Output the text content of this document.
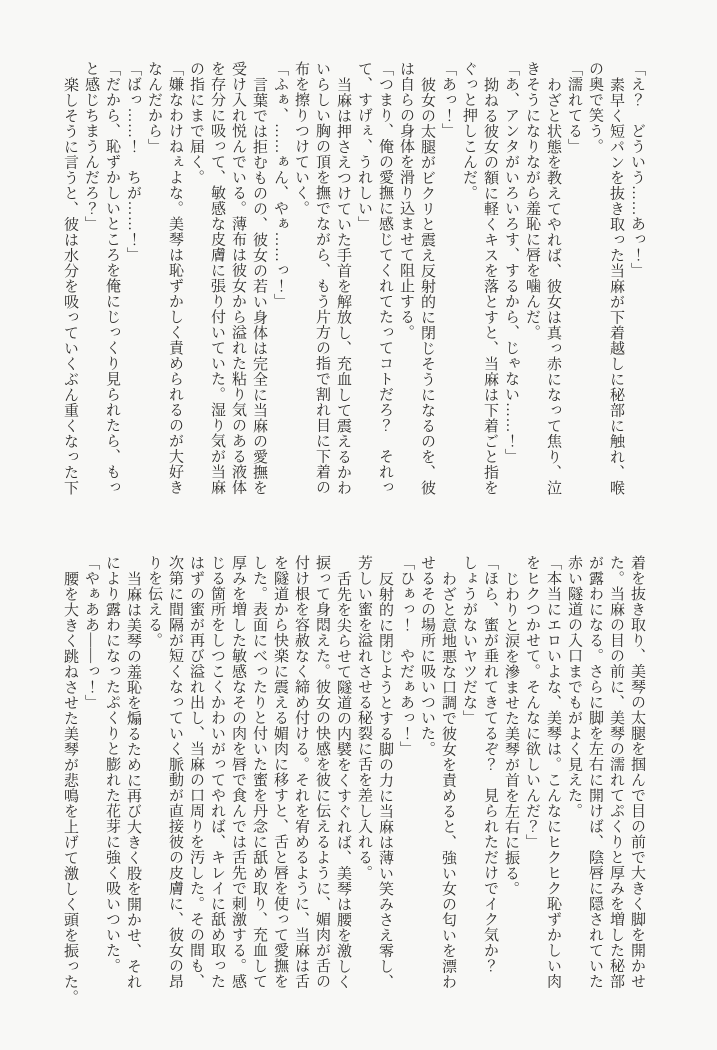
「え？　どういう……あっ！」

素早く短パンを抜き取った当麻が下着越しに秘部に触れ、喉

の奥で笑う。

「濡れてる」

わざと状態を教えてやれば、彼女は真っ赤になって焦り、泣

きそうになりながら羞恥に唇を噛んだ。

「あ、アンタがいろいろす、するから、じゃない……！」

拗ねる彼女の額に軽くキスを落とすと、当麻は下着ごと指を

ぐっと押しこんだ。

「あっ！」

彼女の太腿がビクリと震え反射的に閉じそうになるのを、彼

は自らの身体を滑り込ませて阻止する。

「つまり、俺の愛撫に感じてくれてたってコトだろ？　それっ

て、すげぇ、うれしい」

当麻は押さえつけていた手首を解放し、充血して震えるかわ

いらしい胸の頂を撫でながら、もう片方の指で割れ目に下着の

布を擦りつけていく。

「ふぁ、……ぁん、やぁ……っ！」

言葉では拒むものの、彼女の若い身体は完全に当麻の愛撫を

受け入れ悦んでいる。薄布は彼女から溢れた粘り気のある液体

を存分に吸って、敏感な皮膚に張り付いていた。湿り気が当麻

の指にまで届く。

「嫌なわけねぇよな。美琴は恥ずかしく責められるのが大好き

なんだから」

「ばっ……！　ちが……！」

「だから、恥ずかしいところを俺にじっくり見られたら、もっ

と感じちまうんだろ？」

楽しそうに言うと、彼は水分を吸っていくぶん重くなった下

着を抜き取り、美琴の太腿を掴んで目の前で大きく脚を開かせ

た。当麻の目の前に、美琴の濡れてぷくりと厚みを増した秘部

が露わになる。さらに脚を左右に開けば、陰唇に隠されていた

赤い隧道の入口までもがよく見えた。

「本当にエロいよな、美琴は。こんなにヒクヒク恥ずかしい肉

をヒクつかせて。そんなに欲しいんだ？」

じわりと涙を滲ませた美琴が首を左右に振る。

「ほら、蜜が垂れてきてるぞ？　見られただけでイク気か？

しょうがないヤツだな」

わざと意地悪な口調で彼女を責めると、強い女の匂いを漂わ

せるその場所に吸いついた。

「ひぁっ！　やだぁあっ！」

反射的に閉じようとする脚の力に当麻は薄い笑みさえ零し、

芳しい蜜を溢れさせる秘裂に舌を差し入れる。

舌先を尖らせて隧道の内襞をくすぐれば、美琴は腰を激しく

捩って身悶えた。彼女の快感を彼に伝えるように、媚肉が舌の

付け根を容赦なく締め付ける。それを宥めるように、当麻は舌

を隧道から快楽に震える媚肉に移すと、舌と唇を使って愛撫を

した。表面にべったりと付いた蜜を丹念に舐め取り、充血して

厚みを増した敏感なその肉を唇で食んでは舌先で刺激する。感

じる箇所をしつこくかわいがってやれば、キレイに舐め取った

はずの蜜が再び溢れ出し、当麻の口周りを汚した。その間も、

次第に間隔が短くなっていく脈動が直接彼の皮膚に、彼女の昂

りを伝える。

当麻は美琴の羞恥を煽るために再び大きく股を開かせ、それ

により露わになったぷくりと膨れた花芽に強く吸いついた。

「やぁああ――っ！」

腰を大きく跳ねさせた美琴が悲鳴を上げて激しく頭を振った。
